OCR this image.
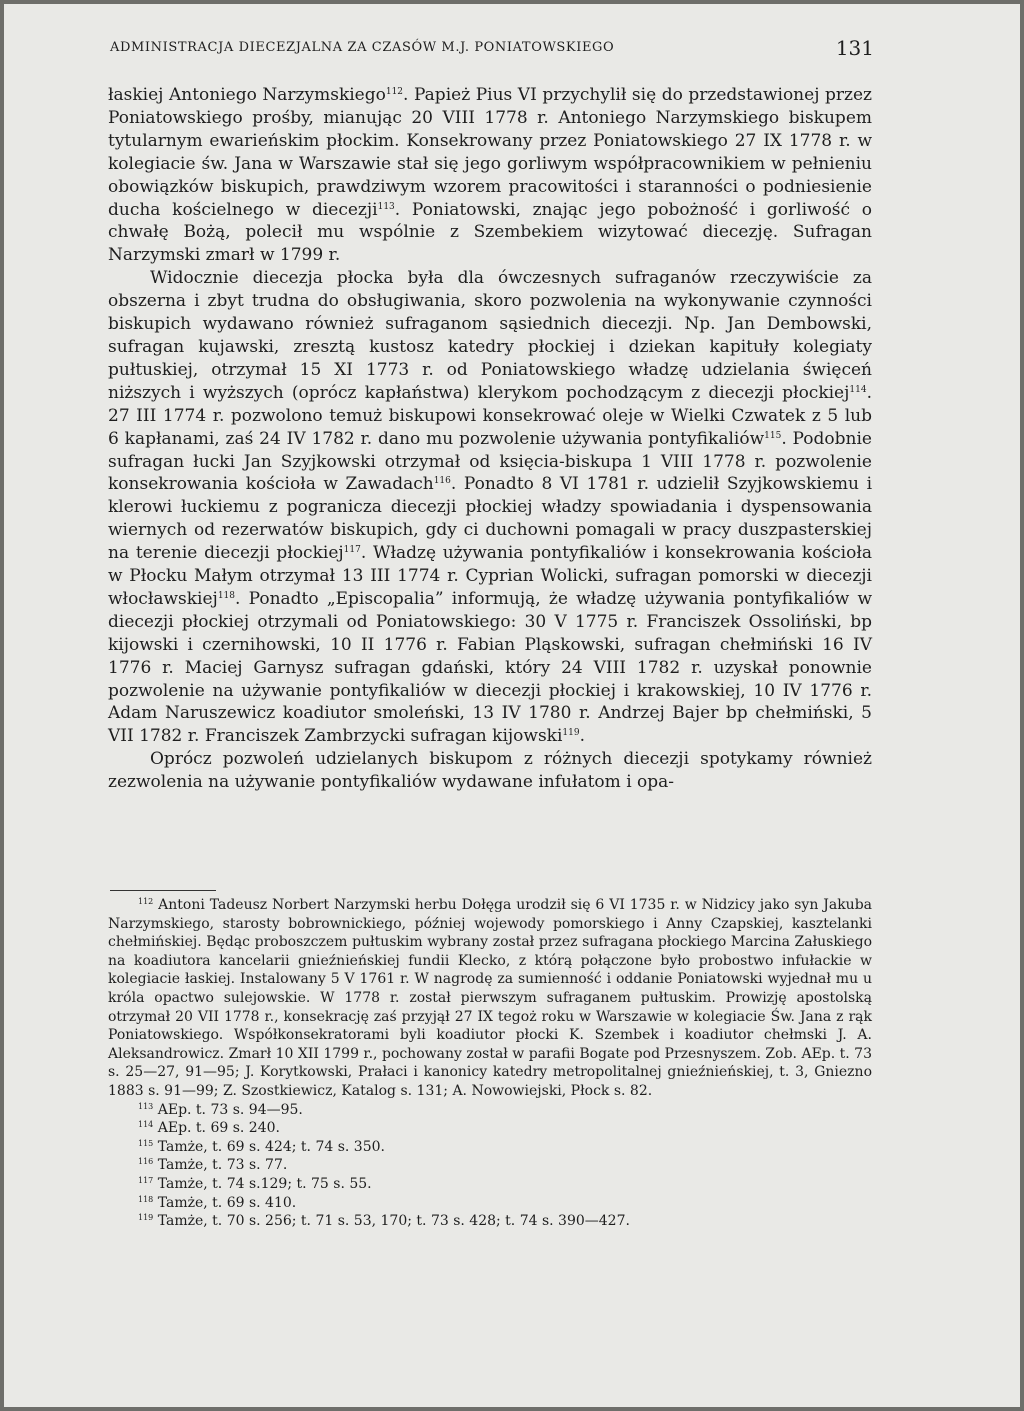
ADMINISTRACJA DIECEZJALNA ZA CZASÓW M.J. PONIATOWSKIEGO	131

łaskiej Antoniego Narzymskiego$^{112}$. Papież Pius VI przychylił się do przedstawionej przez Poniatowskiego prośby, mianując 20 VIII 1778 r. Antoniego Narzymskiego biskupem tytularnym ewarieńskim płockim. Konsekrowany przez Poniatowskiego 27 IX 1778 r. w kolegiacie św. Jana w Warszawie stał się jego gorliwym współpracownikiem w pełnieniu obowiązków biskupich, prawdziwym wzorem pracowitości i staranności o podniesienie ducha kościelnego w diecezji$^{113}$. Poniatowski, znając jego pobożność i gorliwość o chwałę Bożą, polecił mu wspólnie z Szembekiem wizytować diecezję. Sufragan Narzymski zmarł w 1799 r.

Widocznie diecezja płocka była dla ówczesnych sufraganów rzeczywiście za obszerna i zbyt trudna do obsługiwania, skoro pozwolenia na wykonywanie czynności biskupich wydawano również sufraganom sąsiednich diecezji. Np. Jan Dembowski, sufragan kujawski, zresztą kustosz katedry płockiej i dziekan kapituły kolegiaty pułtuskiej, otrzymał 15 XI 1773 r. od Poniatowskiego władzę udzielania święceń niższych i wyższych (oprócz kapłaństwa) klerykom pochodzącym z diecezji płockiej$^{114}$. 27 III 1774 r. pozwolono temuż biskupowi konsekrować oleje w Wielki Czwatek z 5 lub 6 kapłanami, zaś 24 IV 1782 r. dano mu pozwolenie używania pontyfikaliów$^{115}$. Podobnie sufragan łucki Jan Szyjkowski otrzymał od księcia-biskupa 1 VIII 1778 r. pozwolenie konsekrowania kościoła w Zawadach$^{116}$. Ponadto 8 VI 1781 r. udzielił Szyjkowskiemu i klerowi łuckiemu z pogranicza diecezji płockiej władzy spowiadania i dyspensowania wiernych od rezerwatów biskupich, gdy ci duchowni pomagali w pracy duszpasterskiej na terenie diecezji płockiej$^{117}$. Władzę używania pontyfikaliów i konsekrowania kościoła w Płocku Małym otrzymał 13 III 1774 r. Cyprian Wolicki, sufragan pomorski w diecezji włocławskiej$^{118}$. Ponadto „Episcopalia” informują, że władzę używania pontyfikaliów w diecezji płockiej otrzymali od Poniatowskiego: 30 V 1775 r. Franciszek Ossoliński, bp kijowski i czernihowski, 10 II 1776 r. Fabian Pląskowski, sufragan chełmiński 16 IV 1776 r. Maciej Garnysz sufragan gdański, który 24 VIII 1782 r. uzyskał ponownie pozwolenie na używanie pontyfikaliów w diecezji płockiej i krakowskiej, 10 IV 1776 r. Adam Naruszewicz koadiutor smoleński, 13 IV 1780 r. Andrzej Bajer bp chełmiński, 5 VII 1782 r. Franciszek Zambrzycki sufragan kijowski$^{119}$.

Oprócz pozwoleń udzielanych biskupom z różnych diecezji spotykamy również zezwolenia na używanie pontyfikaliów wydawane infułatom i opa-

$^{112}$ Antoni Tadeusz Norbert Narzymski herbu Dołęga urodził się 6 VI 1735 r. w Nidzicy jako syn Jakuba Narzymskiego, starosty bobrownickiego, później wojewody pomorskiego i Anny Czapskiej, kasztelanki chełmińskiej. Będąc proboszczem pułtuskim wybrany został przez sufragana płockiego Marcina Załuskiego na koadiutora kancelarii gnieźnieńskiej fundii Klecko, z którą połączone było probostwo infułackie w kolegiacie łaskiej. Instalowany 5 V 1761 r. W nagrodę za sumienność i oddanie Poniatowski wyjednał mu u króla opactwo sulejowskie. W 1778 r. został pierwszym sufraganem pułtuskim. Prowizję apostolską otrzymał 20 VII 1778 r., konsekrację zaś przyjął 27 IX tegoż roku w Warszawie w kolegiacie Św. Jana z rąk Poniatowskiego. Współkonsekratorami byli koadiutor płocki K. Szembek i koadiutor chełmski J. A. Aleksandrowicz. Zmarł 10 XII 1799 r., pochowany został w parafii Bogate pod Przesnyszem. Zob. AEp. t. 73 s. 25—27, 91—95; J. Korytkowski, Prałaci i kanonicy katedry metropolitalnej gnieźnieńskiej, t. 3, Gniezno 1883 s. 91—99; Z. Szostkiewicz, Katalog s. 131; A. Nowowiejski, Płock s. 82.

$^{113}$ AEp. t. 73 s. 94—95.

$^{114}$ AEp. t. 69 s. 240.

$^{115}$ Tamże, t. 69 s. 424; t. 74 s. 350.

$^{116}$ Tamże, t. 73 s. 77.

$^{117}$ Tamże, t. 74 s.129; t. 75 s. 55.

$^{118}$ Tamże, t. 69 s. 410.

$^{119}$ Tamże, t. 70 s. 256; t. 71 s. 53, 170; t. 73 s. 428; t. 74 s. 390—427.
